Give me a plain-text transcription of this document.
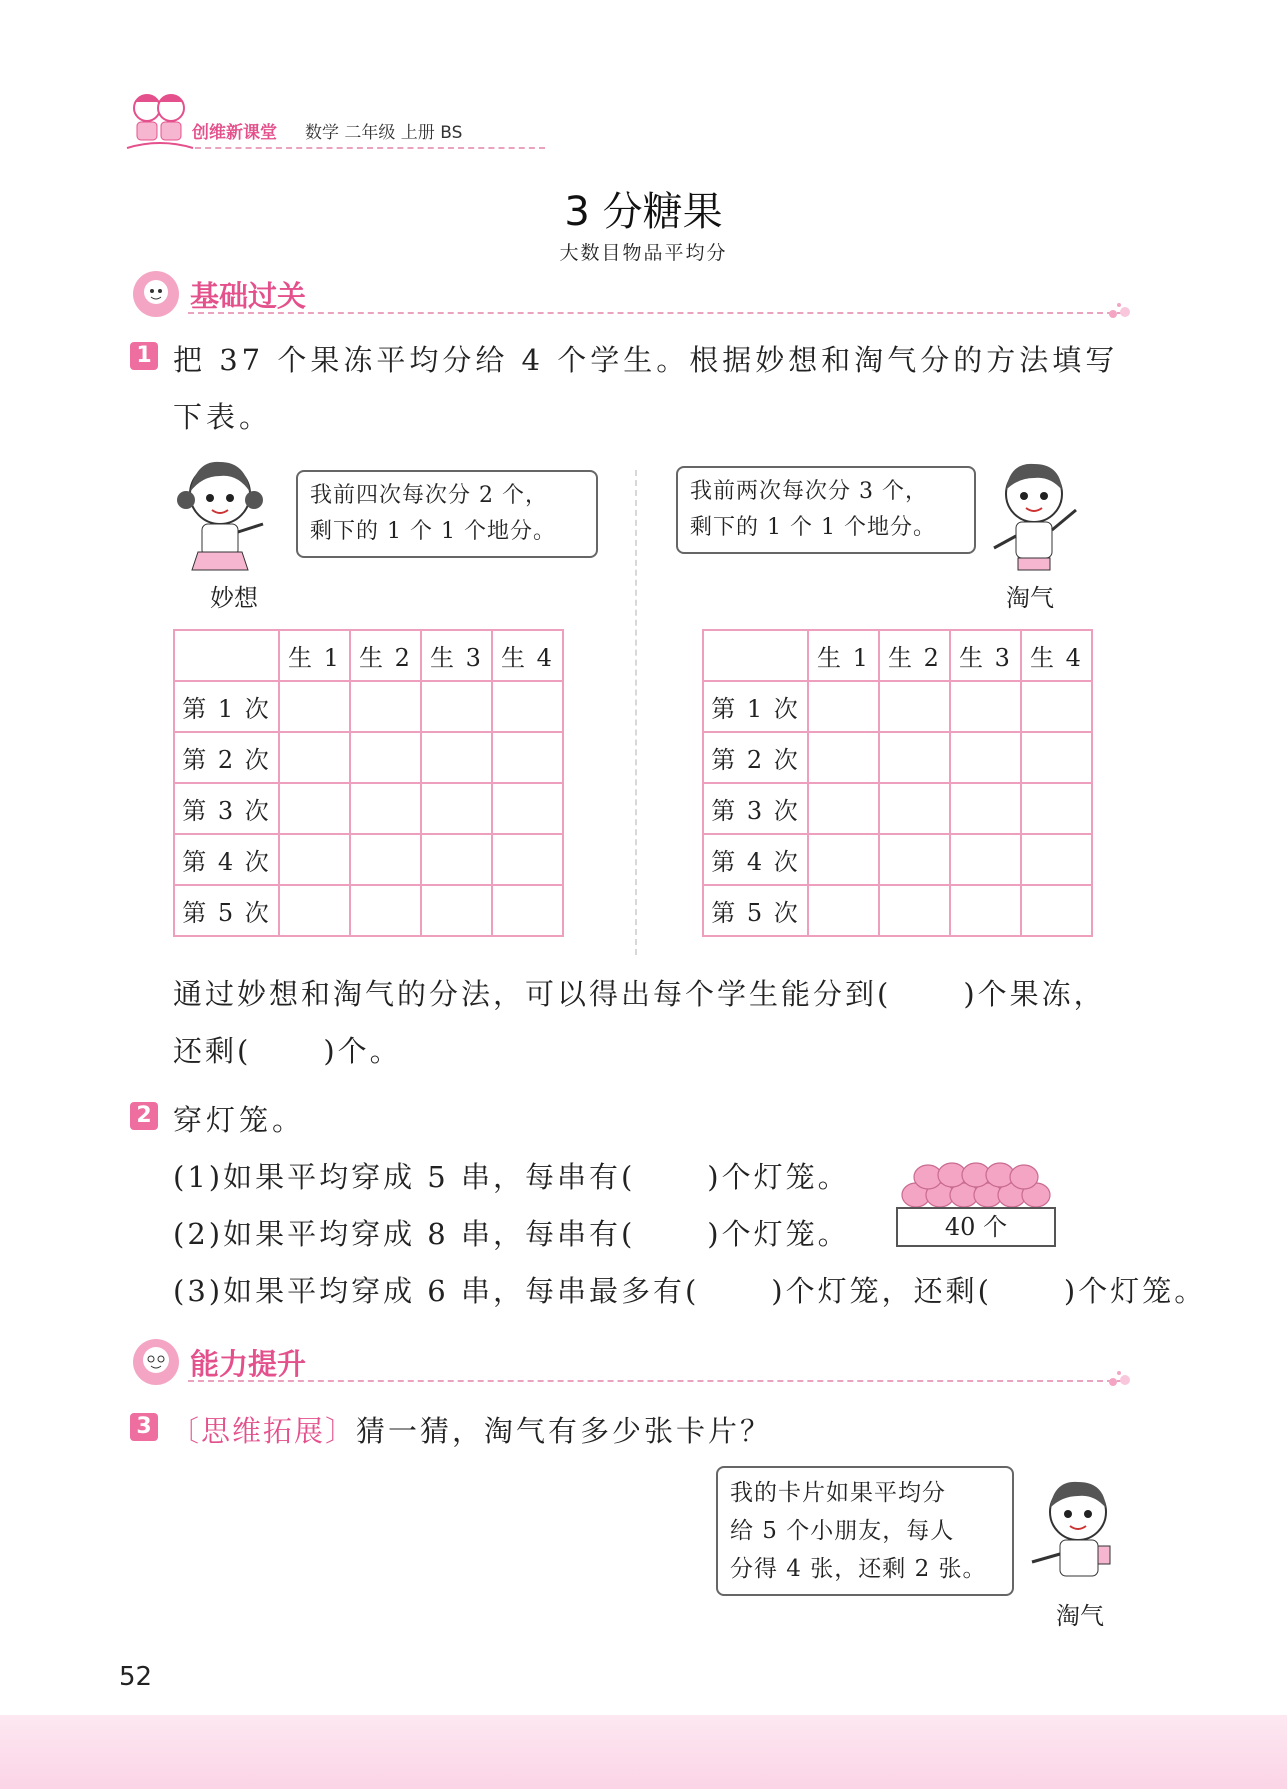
创维新课堂 数学 二年级 上册 BS
3 分糖果
大数目物品平均分
基础过关
1 把 37 个果冻平均分给 4 个学生。根据妙想和淘气分的方法填写
下表。
妙想
我前四次每次分 2 个，
剩下的 1 个 1 个地分。
我前两次每次分 3 个，
剩下的 1 个 1 个地分。
淘气
	生 1	生 2	生 3	生 4
第 1 次				
第 2 次				
第 3 次				
第 4 次				
第 5 次				
	生 1	生 2	生 3	生 4
第 1 次				
第 2 次				
第 3 次				
第 4 次				
第 5 次				
通过妙想和淘气的分法，可以得出每个学生能分到( )个果冻，
还剩( )个。
2 穿灯笼。
(1)如果平均穿成 5 串，每串有( )个灯笼。
(2)如果平均穿成 8 串，每串有( )个灯笼。
(3)如果平均穿成 6 串，每串最多有( )个灯笼，还剩( )个灯笼。
40 个
能力提升
3 〔思维拓展〕猜一猜，淘气有多少张卡片？
我的卡片如果平均分
给 5 个小朋友，每人
分得 4 张，还剩 2 张。
淘气
52
